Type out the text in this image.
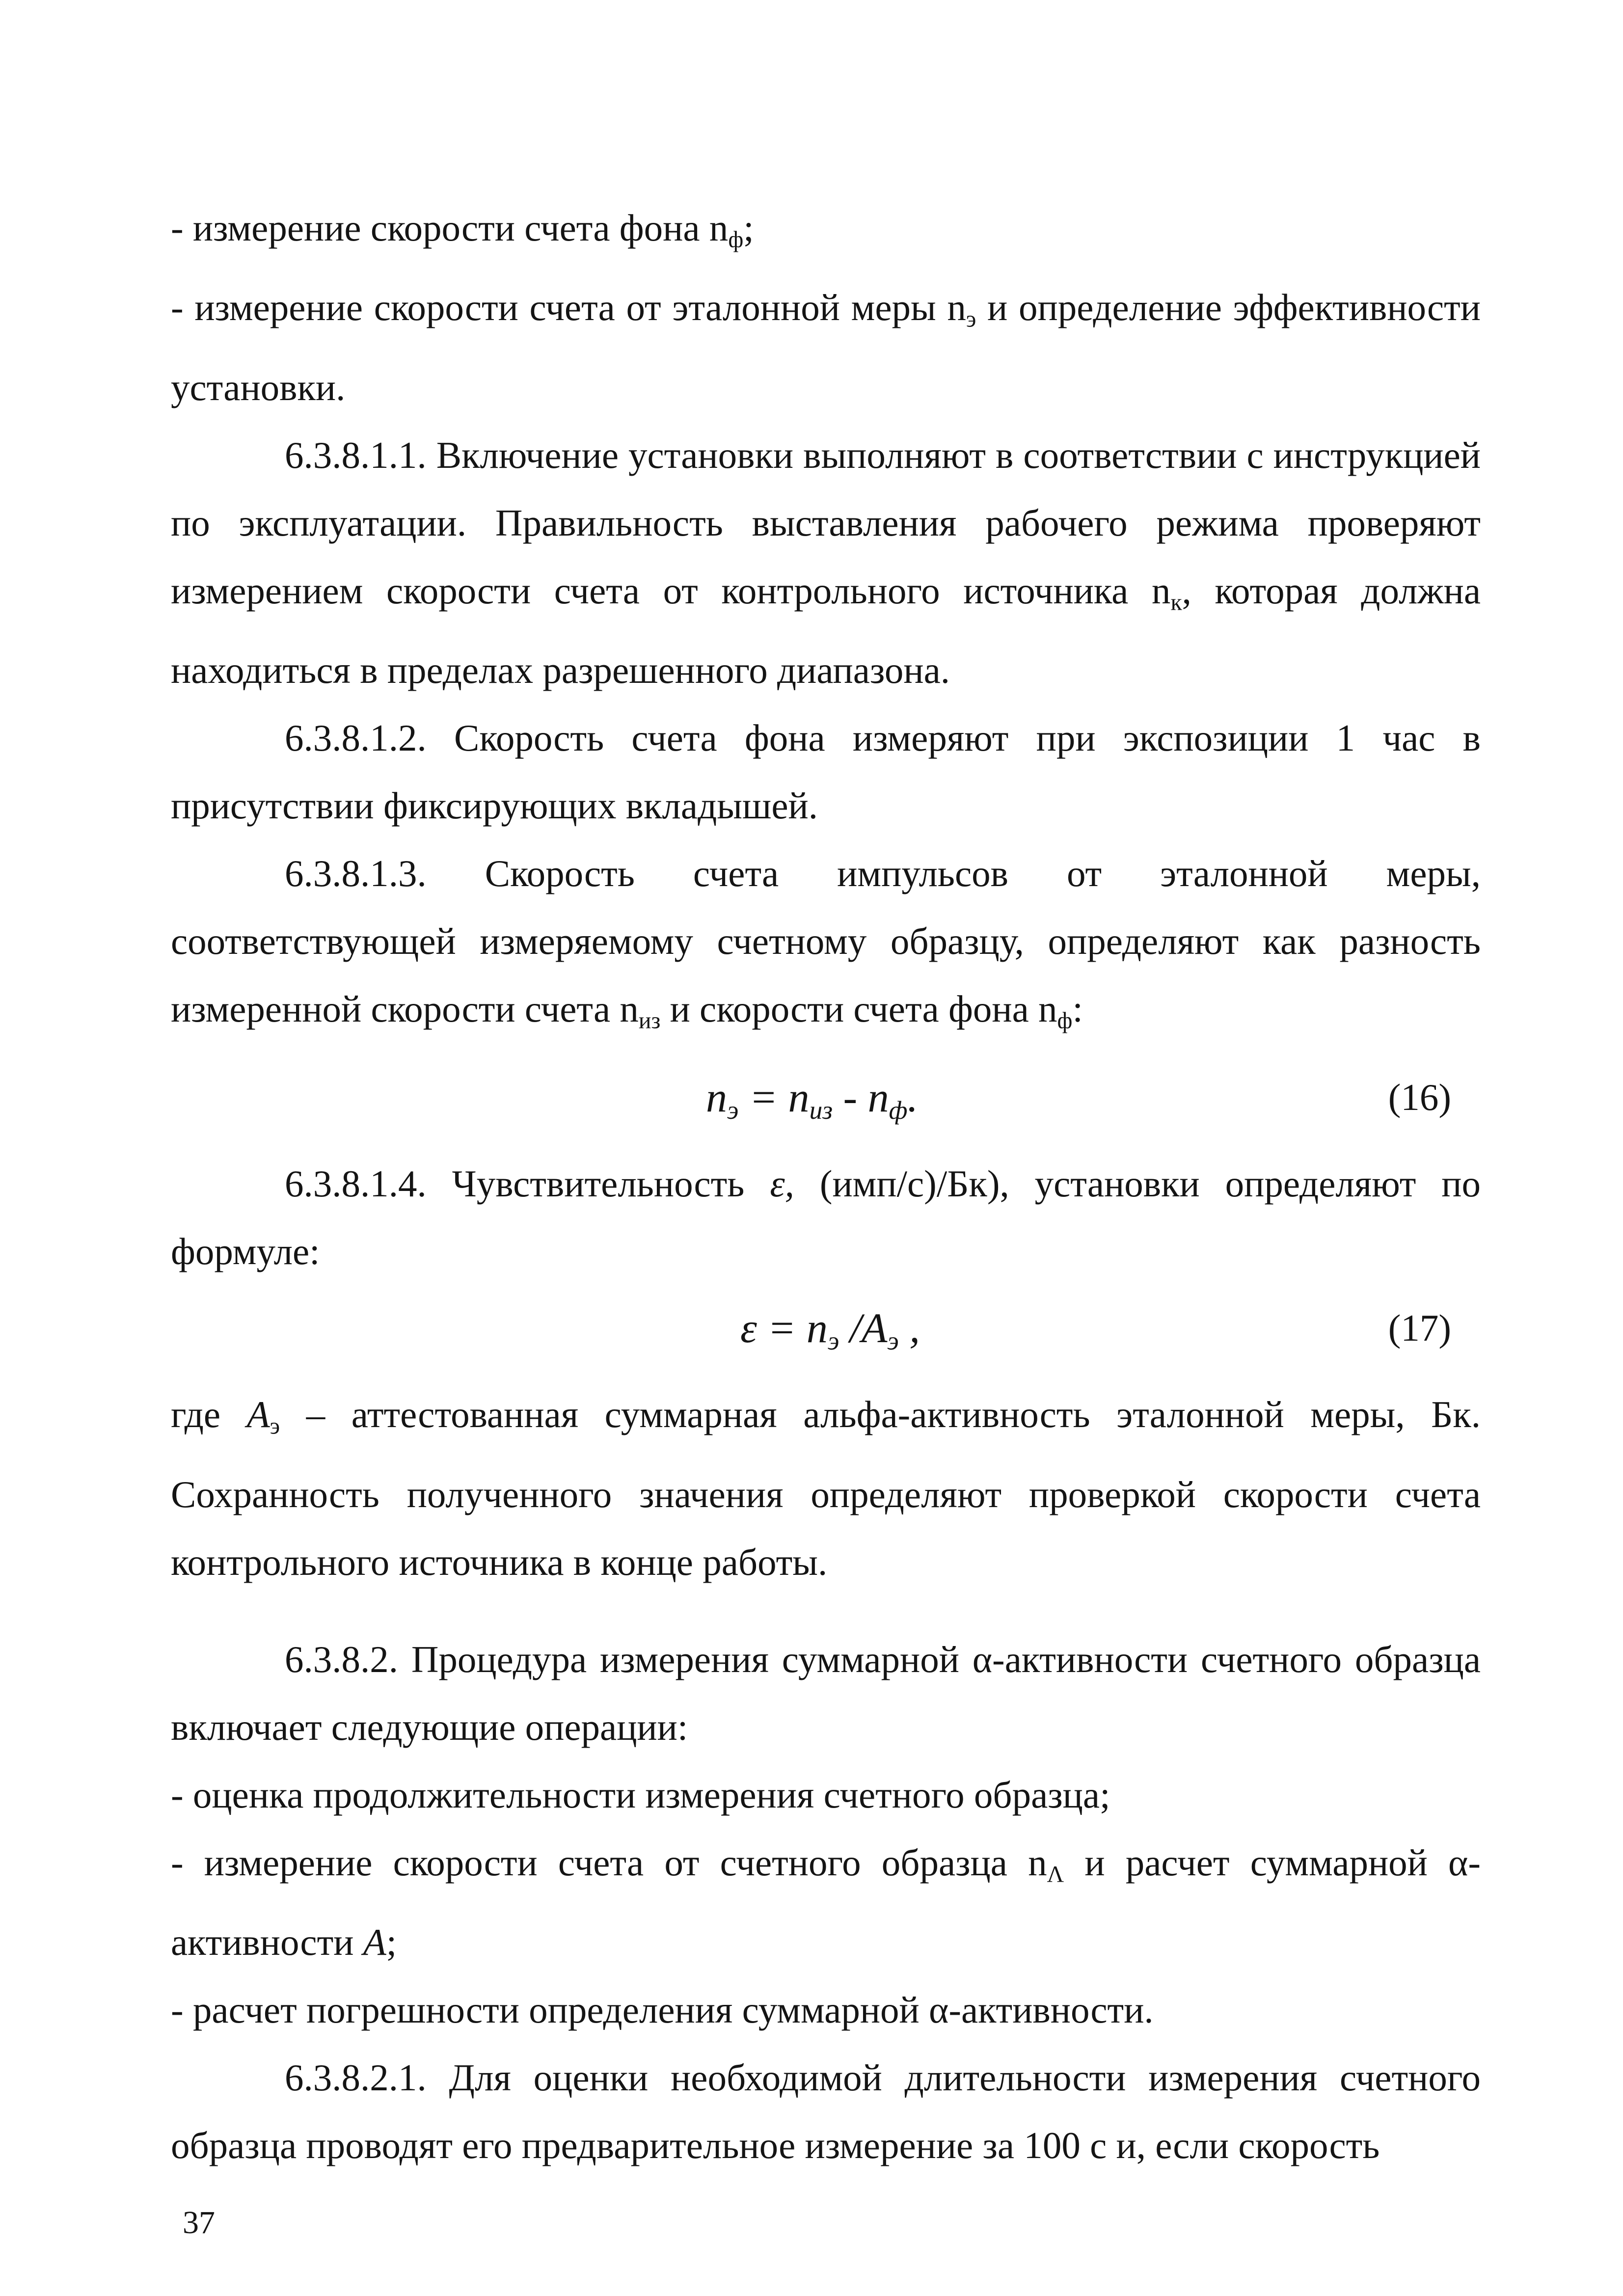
- измерение скорости счета фона $n_ф$;

- измерение скорости счета от эталонной меры $n_э$ и определение эффективности установки.

6.3.8.1.1. Включение установки выполняют в соответствии с инструкцией по эксплуатации. Правильность выставления рабочего режима проверяют измерением скорости счета от контрольного источника $n_к$, которая должна находиться в пределах разрешенного диапазона.

6.3.8.1.2. Скорость счета фона измеряют при экспозиции 1 час в присутствии фиксирующих вкладышей.

6.3.8.1.3. Скорость счета импульсов от эталонной меры, соответствующей измеряемому счетному образцу, определяют как разность измеренной скорости счета $n_{из}$ и скорости счета фона $n_ф$:

$n_э = n_{из} - n_ф$.	(16)

6.3.8.1.4. Чувствительность ε, (имп/с)/Бк), установки определяют по формуле:

$\varepsilon = n_э$ $/A_э$ ,	(17)

где $A_э$ – аттестованная суммарная альфа-активность эталонной меры, Бк. Сохранность полученного значения определяют проверкой скорости счета контрольного источника в конце работы.

6.3.8.2. Процедура измерения суммарной α-активности счетного образца включает следующие операции:

- оценка продолжительности измерения счетного образца;

- измерение скорости счета от счетного образца $n_\Lambda$ и расчет суммарной α-активности A;

- расчет погрешности определения суммарной α-активности.

6.3.8.2.1. Для оценки необходимой длительности измерения счетного образца проводят его предварительное измерение за 100 с и, если скорость

37
